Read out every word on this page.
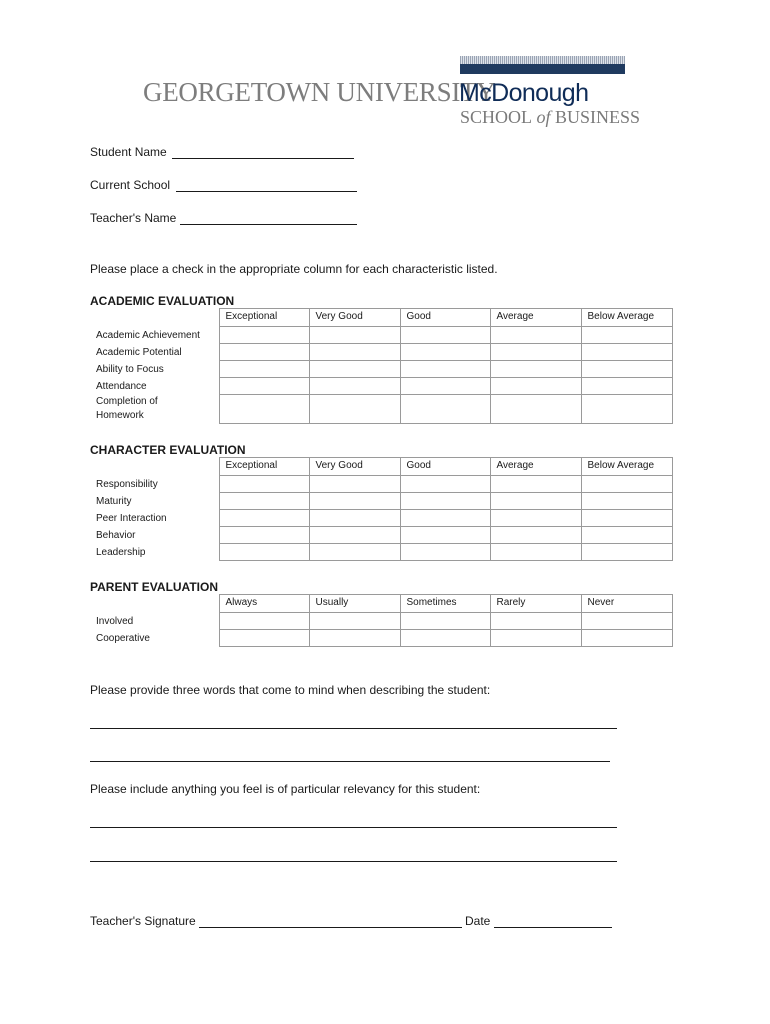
GEORGETOWN UNIVERSITY
McDonough
SCHOOL of BUSINESS
Student Name
Current School
Teacher's Name
Please place a check in the appropriate column for each characteristic listed.
ACADEMIC EVALUATION
	Exceptional	Very Good	Good	Average	Below Average
Academic Achievement					
Academic Potential					
Ability to Focus					
Attendance					
Completion of Homework					
CHARACTER EVALUATION
	Exceptional	Very Good	Good	Average	Below Average
Responsibility					
Maturity					
Peer Interaction					
Behavior					
Leadership					
PARENT EVALUATION
	Always	Usually	Sometimes	Rarely	Never
Involved					
Cooperative					
Please provide three words that come to mind when describing the student:
Please include anything you feel is of particular relevancy for this student:
Teacher's Signature	Date
